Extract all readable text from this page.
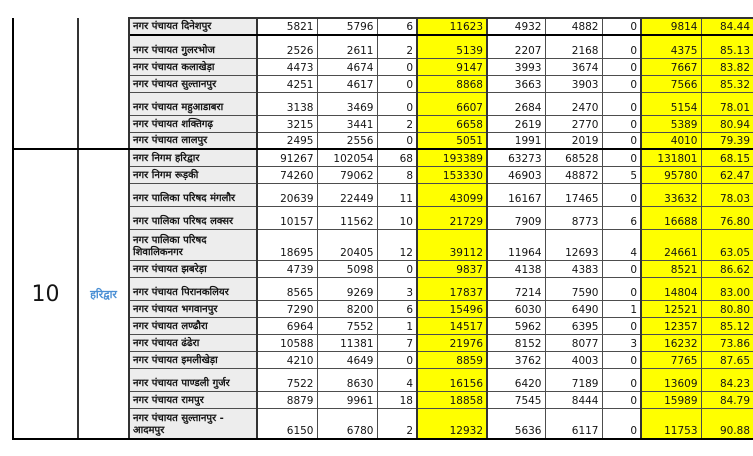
		नगर पंचायत दिनेशपुर	5821	5796	6	11623	4932	4882	0	9814	84.44
		नगर पंचायत गुुलरभोज	2526	2611	2	5139	2207	2168	0	4375	85.13
		नगर पंचायत कलाखेड़ा	4473	4674	0	9147	3993	3674	0	7667	83.82
		नगर पंचायत सुल्तानपुर	4251	4617	0	8868	3663	3903	0	7566	85.32
		नगर पंचायत महुआडाबरा	3138	3469	0	6607	2684	2470	0	5154	78.01
		नगर पंचायत शक्तिगढ़	3215	3441	2	6658	2619	2770	0	5389	80.94
		नगर पंचायत लालपुर	2495	2556	0	5051	1991	2019	0	4010	79.39
10	हरिद्वार	नगर निगम हरिद्वार	91267	102054	68	193389	63273	68528	0	131801	68.15
		नगर निगम रूड़की	74260	79062	8	153330	46903	48872	5	95780	62.47
		नगर पालिका परिषद मंगलौर	20639	22449	11	43099	16167	17465	0	33632	78.03
		नगर पालिका परिषद लक्सर	10157	11562	10	21729	7909	8773	6	16688	76.80
		नगर पालिका परिषद शिवालिकनगर	18695	20405	12	39112	11964	12693	4	24661	63.05
		नगर पंचायत झबरेड़ा	4739	5098	0	9837	4138	4383	0	8521	86.62
		नगर पंचायत पिरानकलियर	8565	9269	3	17837	7214	7590	0	14804	83.00
		नगर पंचायत भगवानपुर	7290	8200	6	15496	6030	6490	1	12521	80.80
		नगर पंचायत लण्ढौरा	6964	7552	1	14517	5962	6395	0	12357	85.12
		नगर पंचायत ढंढेरा	10588	11381	7	21976	8152	8077	3	16232	73.86
		नगर पंचायत इमलीखेड़ा	4210	4649	0	8859	3762	4003	0	7765	87.65
		नगर पंचायत पाण्डली गुर्जर	7522	8630	4	16156	6420	7189	0	13609	84.23
		नगर पंचायत रामपुर	8879	9961	18	18858	7545	8444	0	15989	84.79
		नगर पंचायत सुल्तानपुर - आदमपुर	6150	6780	2	12932	5636	6117	0	11753	90.88
